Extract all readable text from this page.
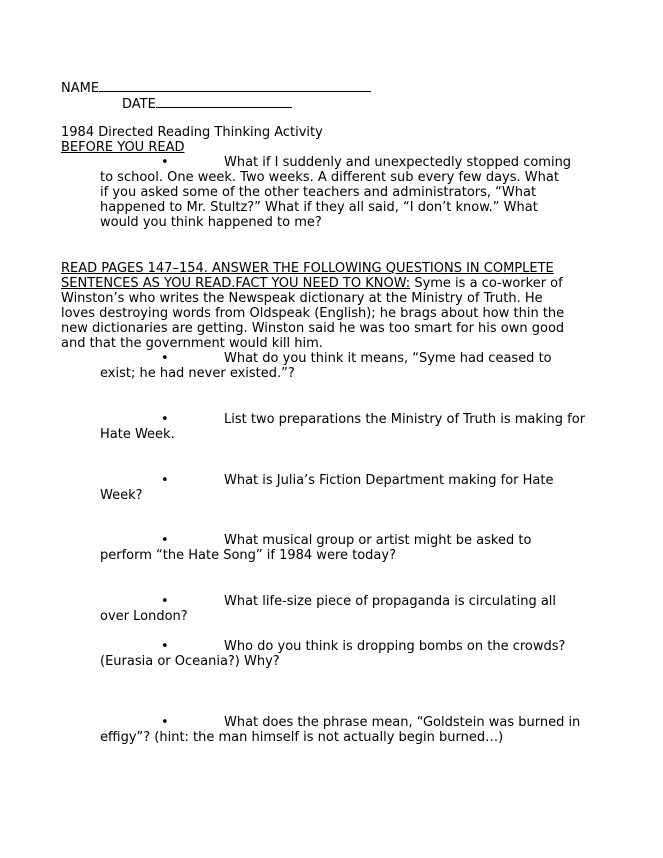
NAME
DATE
1984 Directed Reading Thinking Activity
BEFORE YOU READ
•	What if I suddenly and unexpectedly stopped coming
to school. One week. Two weeks. A different sub every few days. What
if you asked some of the other teachers and administrators, “What
happened to Mr. Stultz?” What if they all said, “I don’t know.” What
would you think happened to me?
READ PAGES 147–154. ANSWER THE FOLLOWING QUESTIONS IN COMPLETE
SENTENCES AS YOU READ.FACT YOU NEED TO KNOW: Syme is a co-worker of
Winston’s who writes the Newspeak dictionary at the Ministry of Truth. He
loves destroying words from Oldspeak (English); he brags about how thin the
new dictionaries are getting. Winston said he was too smart for his own good
and that the government would kill him.
•	What do you think it means, “Syme had ceased to
exist; he had never existed.”?
•	List two preparations the Ministry of Truth is making for
Hate Week.
•	What is Julia’s Fiction Department making for Hate
Week?
•	What musical group or artist might be asked to
perform “the Hate Song” if 1984 were today?
•	What life-size piece of propaganda is circulating all
over London?
•	Who do you think is dropping bombs on the crowds?
(Eurasia or Oceania?) Why?
•	What does the phrase mean, “Goldstein was burned in
effigy”? (hint: the man himself is not actually begin burned…)
